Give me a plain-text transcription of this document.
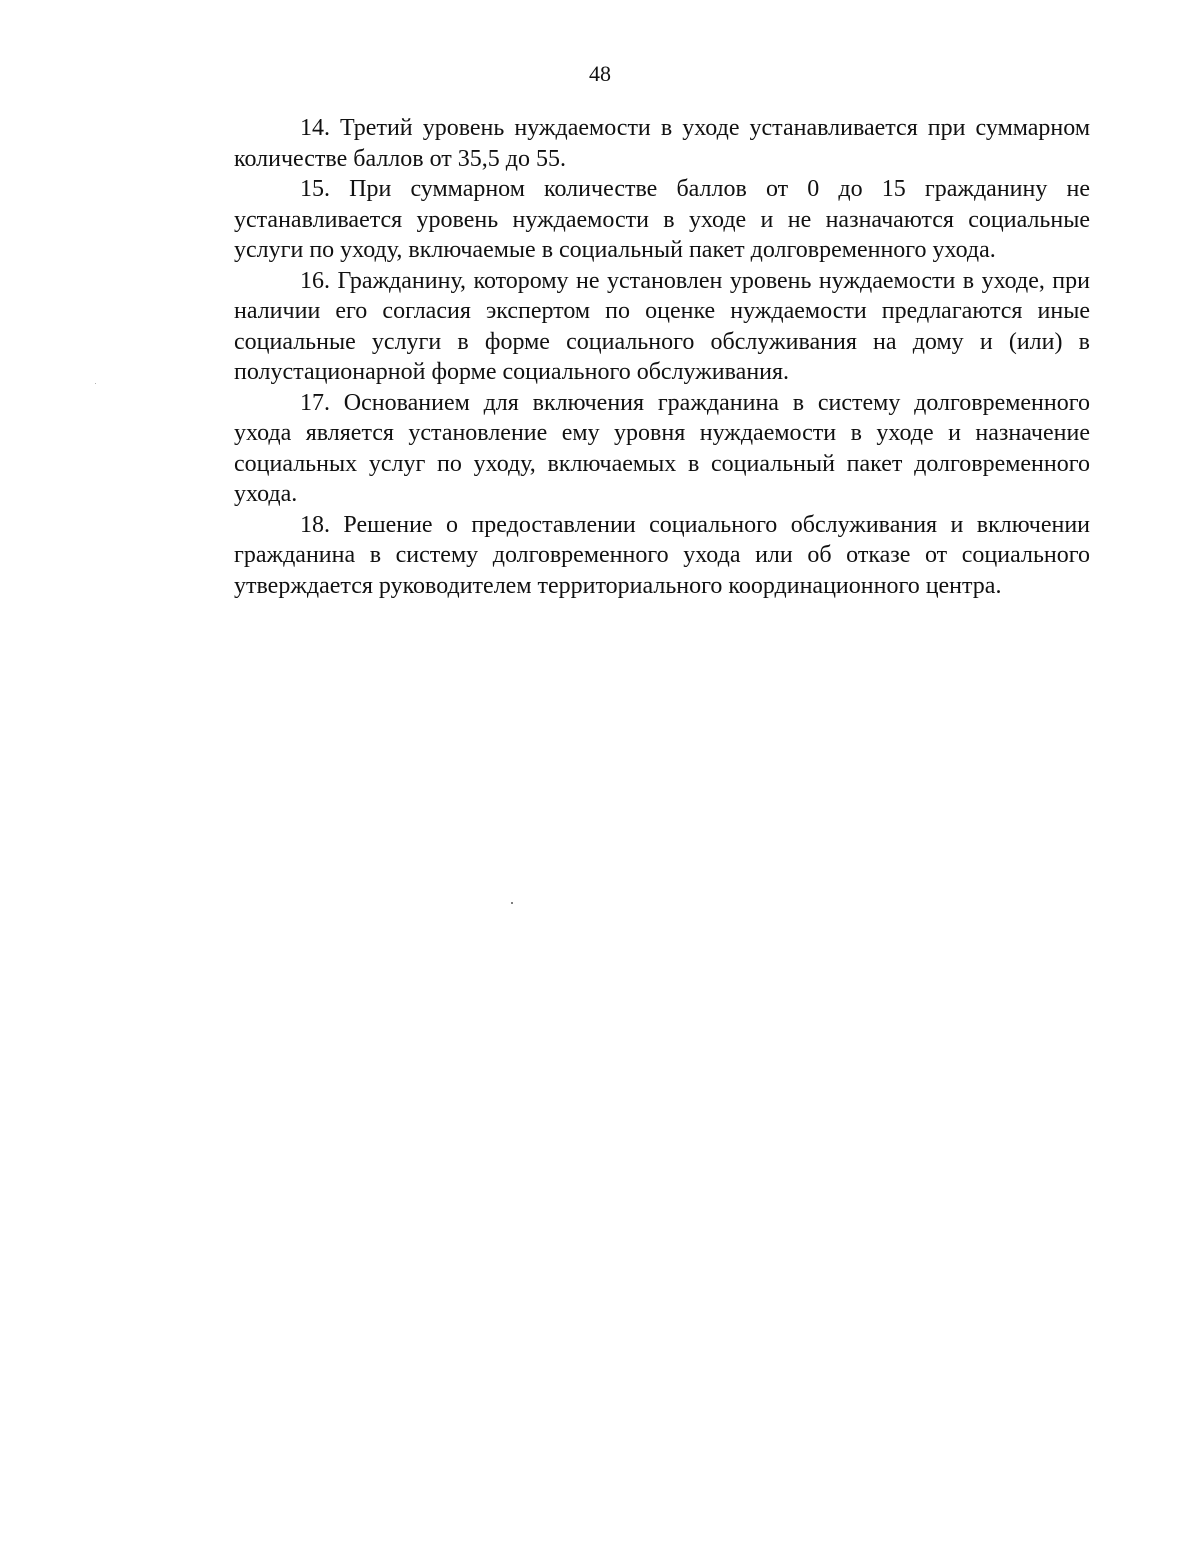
48

14. Третий уровень нуждаемости в уходе устанавливается при суммарном количестве баллов от 35,5 до 55.

15. При суммарном количестве баллов от 0 до 15 гражданину не устанавливается уровень нуждаемости в уходе и не назначаются социальные услуги по уходу, включаемые в социальный пакет долговременного ухода.

16. Гражданину, которому не установлен уровень нуждаемости в уходе, при наличии его согласия экспертом по оценке нуждаемости предлагаются иные социальные услуги в форме социального обслуживания на дому и (или) в полустационарной форме социального обслуживания.

17. Основанием для включения гражданина в систему долговременного ухода является установление ему уровня нуждаемости в уходе и назначение социальных услуг по уходу, включаемых в социальный пакет долговременного ухода.

18. Решение о предоставлении социального обслуживания и включении гражданина в систему долговременного ухода или об отказе от социального утверждается руководителем территориального координационного центра.
